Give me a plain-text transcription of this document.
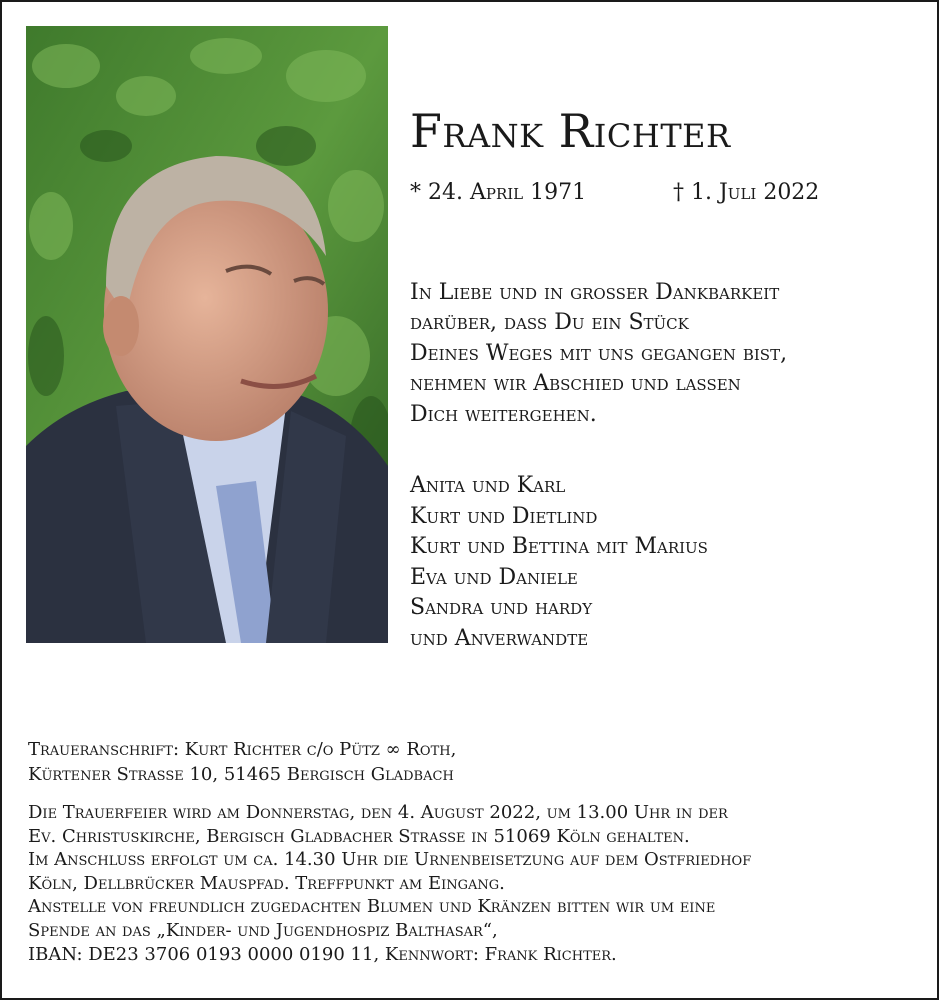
Frank Richter
* 24. April 1971	† 1. Juli 2022
In Liebe und in grosser Dankbarkeit
darüber, dass Du ein Stück
Deines Weges mit uns gegangen bist,
nehmen wir Abschied und lassen
Dich weitergehen.
Anita und Karl
Kurt und Dietlind
Kurt und Bettina mit Marius
Eva und Daniele
Sandra und hardy
und Anverwandte
Traueranschrift: Kurt Richter c/o Pütz ∞ Roth,
Kürtener Strasse 10, 51465 Bergisch Gladbach
Die Trauerfeier wird am Donnerstag, den 4. August 2022, um 13.00 Uhr in der
Ev. Christuskirche, Bergisch Gladbacher Strasse in 51069 Köln gehalten.
Im Anschluss erfolgt um ca. 14.30 Uhr die Urnenbeisetzung auf dem Ostfriedhof
Köln, Dellbrücker Mauspfad. Treffpunkt am Eingang.
Anstelle von freundlich zugedachten Blumen und Kränzen bitten wir um eine
Spende an das „Kinder- und Jugendhospiz Balthasar“,
IBAN: DE23 3706 0193 0000 0190 11, Kennwort: Frank Richter.
